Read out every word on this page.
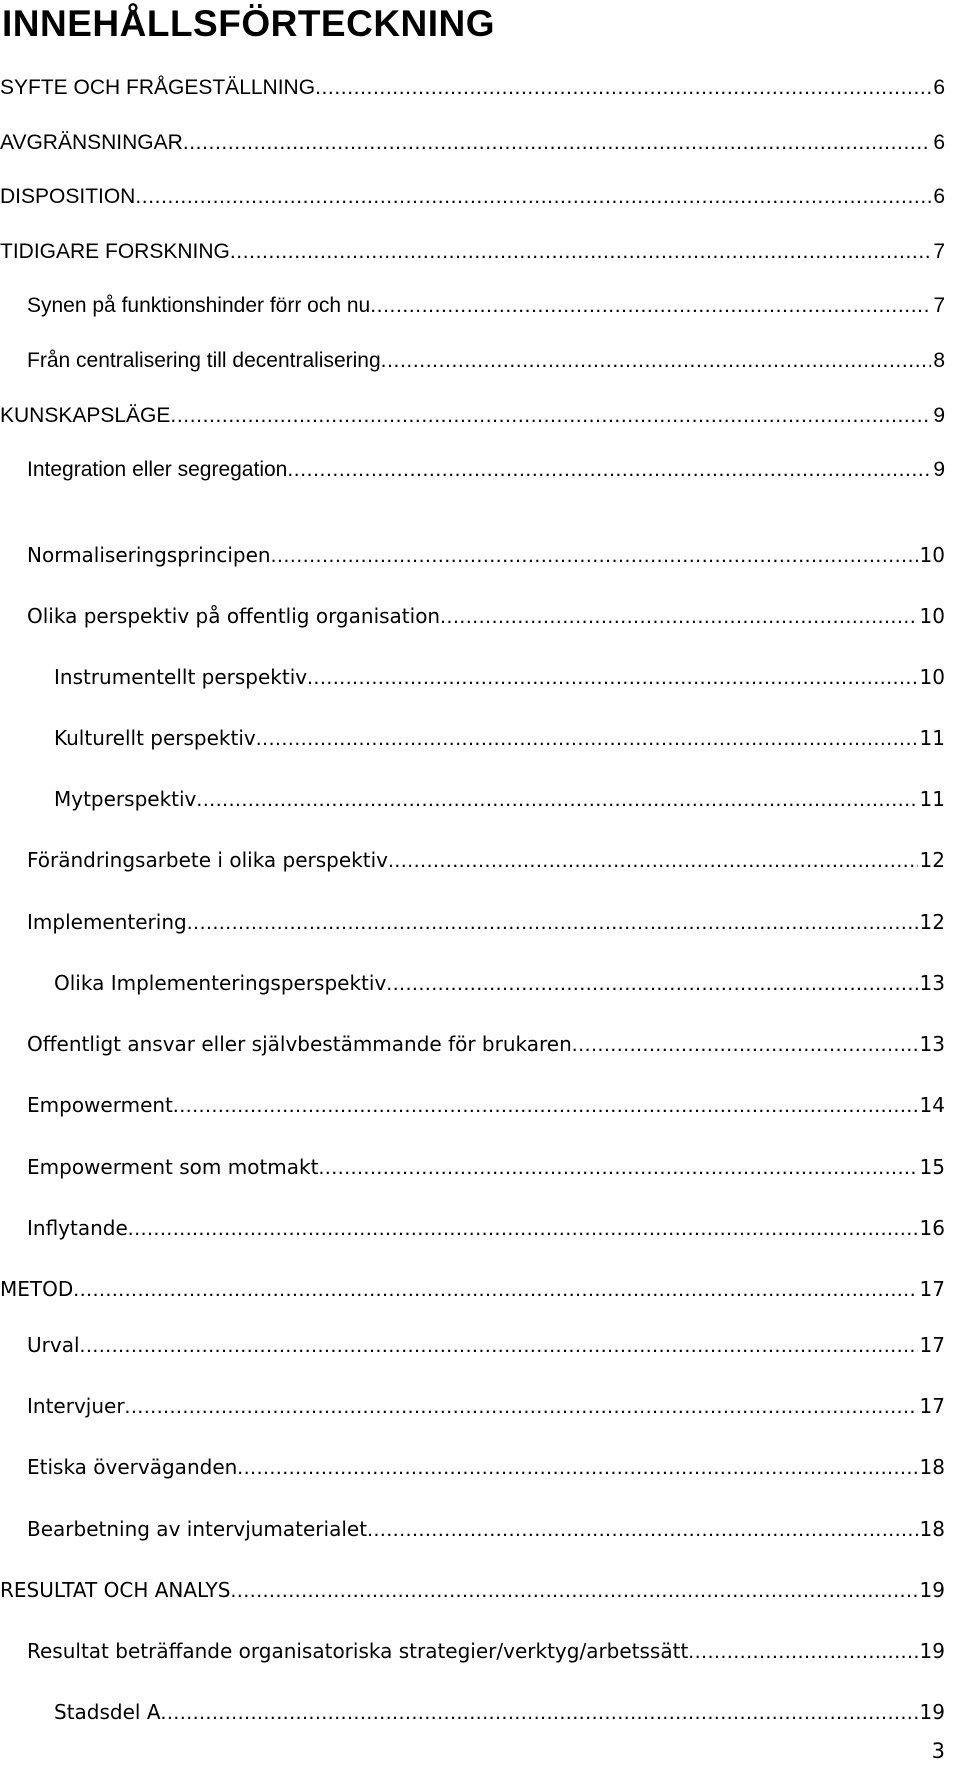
INNEHÅLLSFÖRTECKNING
SYFTE OCH FRÅGESTÄLLNING .....	6
AVGRÄNSNINGAR .....	6
DISPOSITION .....	6
TIDIGARE FORSKNING .....	7
Synen på funktionshinder förr och nu .....	7
Från centralisering till decentralisering .....	8
KUNSKAPSLÄGE .....	9
Integration eller segregation .....	9
Normaliseringsprincipen .....	10
Olika perspektiv på offentlig organisation .....	10
Instrumentellt perspektiv .....	10
Kulturellt perspektiv .....	11
Mytperspektiv .....	11
Förändringsarbete i olika perspektiv .....	12
Implementering .....	12
Olika Implementeringsperspektiv .....	13
Offentligt ansvar eller självbestämmande för brukaren .....	13
Empowerment .....	14
Empowerment som motmakt .....	15
Inflytande .....	16
METOD .....	17
Urval .....	17
Intervjuer .....	17
Etiska överväganden .....	18
Bearbetning av intervjumaterialet .....	18
RESULTAT OCH ANALYS .....	19
Resultat beträffande organisatoriska strategier/verktyg/arbetssätt .....	19
Stadsdel A .....	19
3
